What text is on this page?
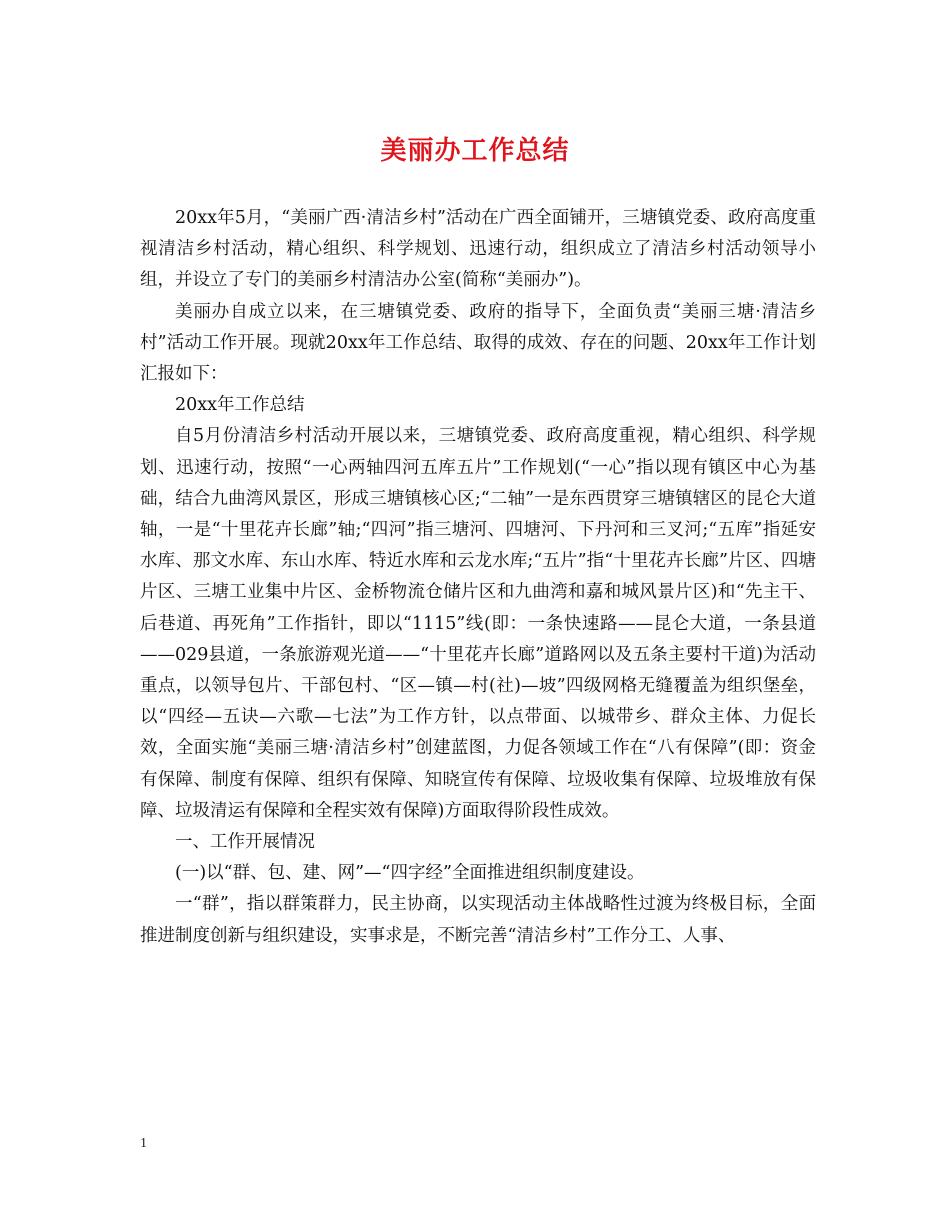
美丽办工作总结

20xx年5月，“美丽广西·清洁乡村”活动在广西全面铺开，三塘镇党委、政府高度重视清洁乡村活动，精心组织、科学规划、迅速行动，组织成立了清洁乡村活动领导小组，并设立了专门的美丽乡村清洁办公室(简称“美丽办”)。

美丽办自成立以来，在三塘镇党委、政府的指导下，全面负责“美丽三塘·清洁乡村”活动工作开展。现就20xx年工作总结、取得的成效、存在的问题、20xx年工作计划汇报如下：

20xx年工作总结

自5月份清洁乡村活动开展以来，三塘镇党委、政府高度重视，精心组织、科学规划、迅速行动，按照“一心两轴四河五库五片”工作规划(“一心”指以现有镇区中心为基础，结合九曲湾风景区，形成三塘镇核心区;“二轴”一是东西贯穿三塘镇辖区的昆仑大道轴，一是“十里花卉长廊”轴;“四河”指三塘河、四塘河、下丹河和三叉河;“五库”指延安水库、那文水库、东山水库、特近水库和云龙水库;“五片”指“十里花卉长廊”片区、四塘片区、三塘工业集中片区、金桥物流仓储片区和九曲湾和嘉和城风景片区)和“先主干、后巷道、再死角”工作指针，即以“1115”线(即：一条快速路——昆仑大道，一条县道——029县道，一条旅游观光道——“十里花卉长廊”道路网以及五条主要村干道)为活动重点，以领导包片、干部包村、“区—镇—村(社)—坡”四级网格无缝覆盖为组织堡垒，以“四经—五诀—六歌—七法”为工作方针，以点带面、以城带乡、群众主体、力促长效，全面实施“美丽三塘·清洁乡村”创建蓝图，力促各领域工作在“八有保障”(即：资金有保障、制度有保障、组织有保障、知晓宣传有保障、垃圾收集有保障、垃圾堆放有保障、垃圾清运有保障和全程实效有保障)方面取得阶段性成效。

一、工作开展情况

(一)以“群、包、建、网”—“四字经”全面推进组织制度建设。

一“群”，指以群策群力，民主协商，以实现活动主体战略性过渡为终极目标，全面推进制度创新与组织建设，实事求是，不断完善“清洁乡村”工作分工、人事、

1
